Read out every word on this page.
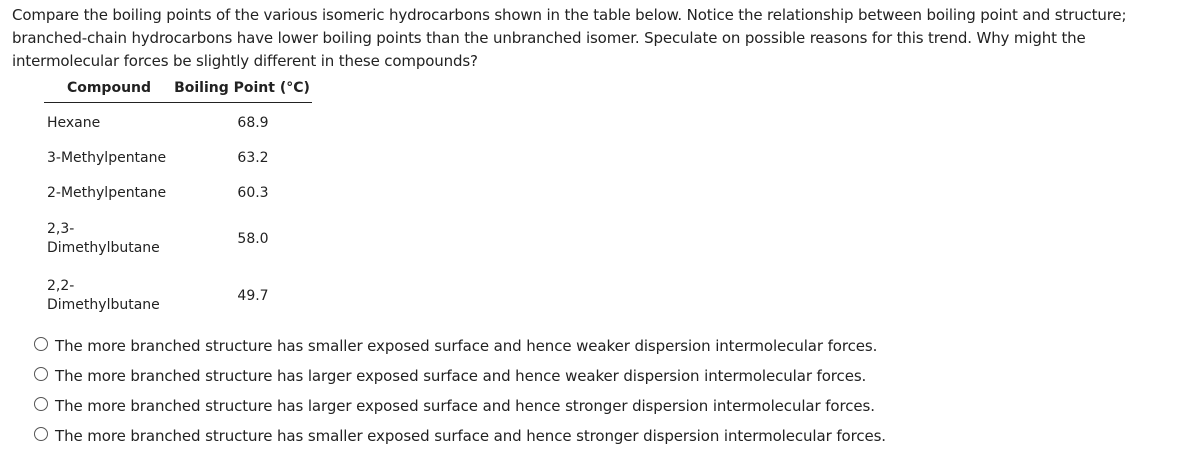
Compare the boiling points of the various isomeric hydrocarbons shown in the table below. Notice the relationship between boiling point and structure; branched-chain hydrocarbons have lower boiling points than the unbranched isomer. Speculate on possible reasons for this trend. Why might the intermolecular forces be slightly different in these compounds?
Compound	Boiling Point (°C)
Hexane	68.9
3-Methylpentane	63.2
2-Methylpentane	60.3
2,3-
Dimethylbutane	58.0
2,2-
Dimethylbutane	49.7
The more branched structure has smaller exposed surface and hence weaker dispersion intermolecular forces.
The more branched structure has larger exposed surface and hence weaker dispersion intermolecular forces.
The more branched structure has larger exposed surface and hence stronger dispersion intermolecular forces.
The more branched structure has smaller exposed surface and hence stronger dispersion intermolecular forces.
